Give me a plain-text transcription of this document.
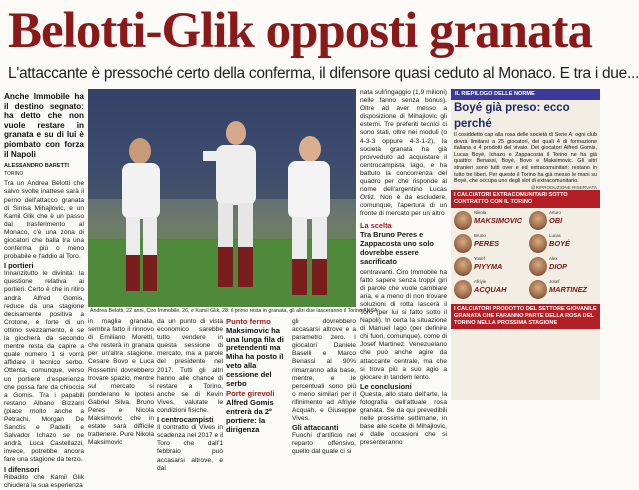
Belotti-Glik opposti granata
L'attaccante è pressoché certo della conferma, il difensore quasi ceduto al Monaco. E tra i due...

Anche Immobile ha il destino segnato: ha detto che non vuole restare in granata e su di lui è piombato con forza il Napoli

ALESSANDRO BARETTI
TORINO

Tra un Andrea Belotti che salvo svolte inattese sarà il perno dell'attacco granata di Sinisa Mihajlovic, e un Kamil Glik che è un passo dal trasferimento al Monaco, c'è una zona di giocatori che balla tra una conferma più o meno probabile e l'addio al Toro.

I portieri

Innanzitutto le divinità: la questione relativa ai portieri. Certo è che in ritiro andrà Alfred Gomis, reduce da una stagione decisamente positiva a Crotone, e forte di un ottimo svezzamento, è se la giocherà da secondo mentre resta da capire a quale numero 1 si vorrà affidare il tecnico serbo. Ottenta, comunque, verso un portiere d'esperienza che possa fare da chioccia a Gomis. Tra i papabili restano Albano Bizzarri (piace molto anche a Petrachi, Morgan De Sanctis e Padelli e Salvador Ichazo se ne andrà, Luca Castellazzi, invece, potrebbe ancora fare una stagione da terzo.

I difensori

Ribadito che Kamil Glik chiuderà la sua esperienza

Andrea Belotti, 22 anni, Ciro Immobile, 26, e Kamil Glik, 28: il primo resta in granata, gli altri due lasceranno il Torino ANSA

in maglia granata, sembra fatto il rinnovo di Emiliano Moretti, che resterà in granata per un'altra stagione. Cesare Bovo e Luca Rossettini dovrebbero trovare spazio, mentre sul mercato si ponderano le ipotesi Gabriel Silva, Bruno Peres e Nicola Maksimovic che in estate sarà difficile trattenere. Pure Nikola Maksimovic

da un punto di vista economico sarebbe tutto vendere in questa sessione di mercato, ma a parole del presidente nel 2017. Tutti gli altri hanno alle chance di restare a Torino, anche se di Kevin Vives, valutate le condizioni fisiche.

I centrocampisti

Il contratto di Vives in scadenza nel 2017 e il Toro che dall'1 febbraio può accasarsi altrove, e dal

Punto fermo
Maksimovic ha una lunga fila di pretendenti ma Miha ha posto il veto alla cessione del serbo
Porte girevoli
Alfred Gomis entrerà da 2º portiere: la dirigenza

gli dovrebbero accasarsi altrove e a parametro zero. I giocatori Daniele Baselli e Marco Benassi al 90% rimarranno alla base, mentre, e le percentuali sono più o meno similari per il rifinimento ad Afriyie Acquah, e Giuseppe Vives.

Gli attaccanti

Fuochi d'artificio nel reparto offensivo, quello dal quale ci si

nata sull'ingaggio (1,9 milioni) nelle fanno senza bonus). Oltre ad aver messo a disposizione di Mihajlovic gli esterni. Tre preferiti tecnici ci sono stati, oltre nei moduli (o 4-3-3 oppure 4-3-1-2), la società granata ha già provveduto ad acquistare il centrocampista Iago, e ha battuto la concorrenza del quadro per che risponde al nome dell'argentino Lucas Ortiz. Non è da escludere, comunque, l'apertura di un fronte di mercato per un altro

La scelta
Tra Bruno Peres e Zappacosta uno solo dovrebbe essere sacrificato

centravanti. Ciro Immobile ha fatto sapere senza troppi giri di parole che vuole cambiare aria, e a meno di non trovare soluzioni di rotta lascerà il Toro (per lui si fatto sotto il Napoli). In certa la situazione di Manuel Iago (per definire chi fuori, comunque), come di Josef Martinez. Venezuelano che può anche agire da attaccante centrale, ma che si trova più a suo agio a giocare in tandem lento.

Le conclusioni

Questa, allo stato dell'arte, la fotografia dell'attuale rosa granata. Se da qui prevedibili nelle prossime settimane, in base alle scelte di Mihajlovic, e dalle occasioni che si presenteranno

IL RIEPILOGO DELLE NORME
Boyé già preso: ecco perché

Il cosiddetto cap alla rosa delle società di Serie A: ogni club dovrà limitarsi a 25 giocatori, dei quali 4 di formazione italiana e 4 prodotti del vivaio. Dei giocatori Alfred Gomis, Lucas Boyé, Ichazo e Zappacosta il Torino ne ha già quattro: Benassi, Boyé, Bovo e Maksimovic. Gli altri stranieri sono tutti over e ed extracomunitari: restano in tutto tre liberi. Per questo il Torino ha già messo le mani su Boyé, che occupa uno degli slot di extracomunitario.

@RIPRODUZIONE RISERVATA
I CALCIATORI EXTRACOMUNITARI SOTTO CONTRATTO CON IL TORINO
Nikola
MAKSIMOVIC
Arturo
OBI
Bruno
PERES
Lucas
BOYÉ
Yosef
PIYYMA
Alex
DIOP
Afriyie
ACQUAH
Josef
MARTINEZ
I CALCIATORI PRODOTTO DEL SETTORE GIOVANILE GRANATA CHE FARANNO PARTE DELLA ROSA DEL TORINO NELLA PROSSIMA STAGIONE
